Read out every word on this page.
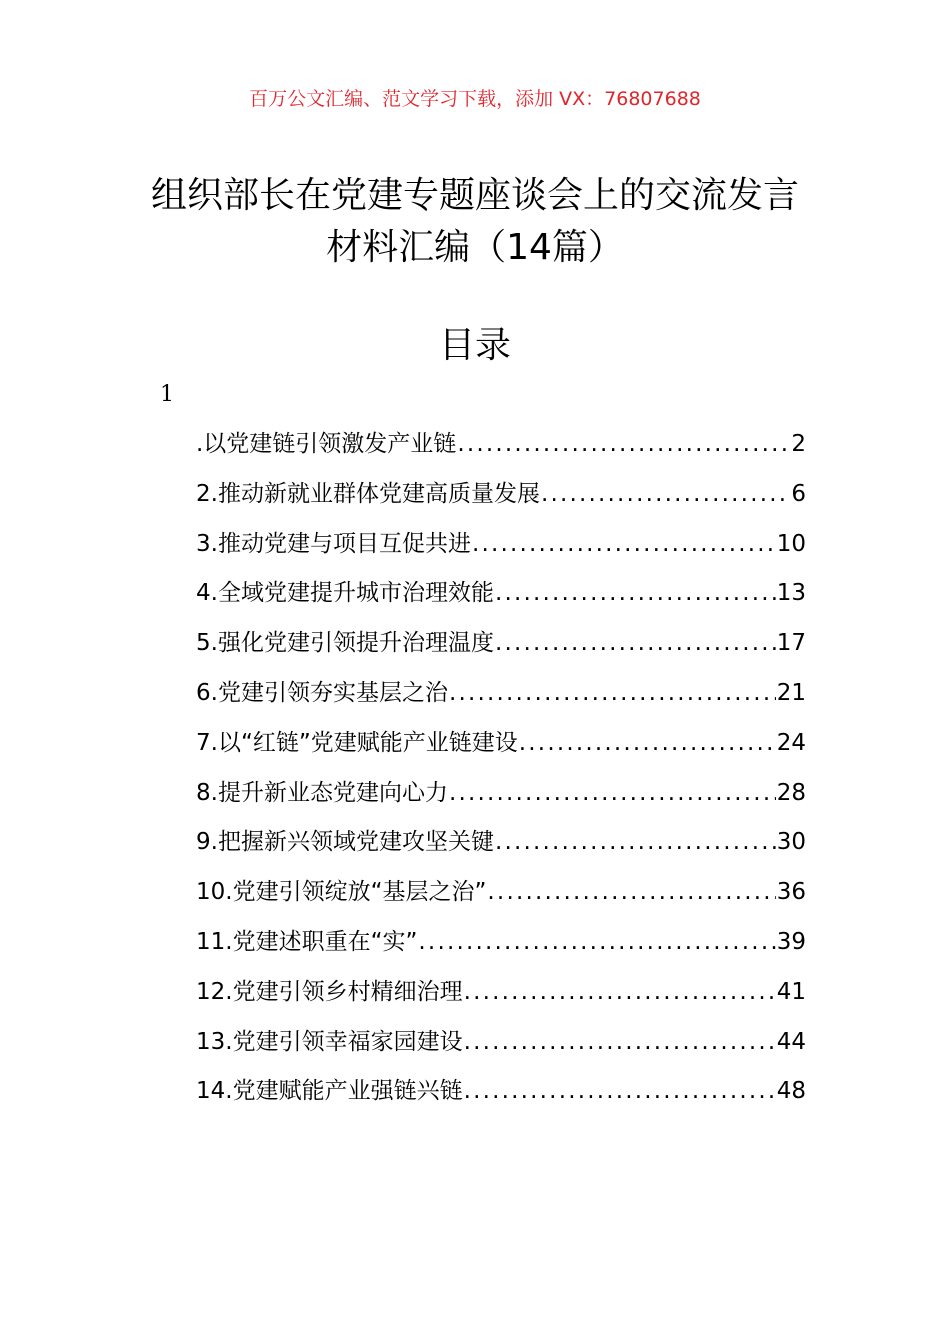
百万公文汇编、范文学习下载，添加 VX：76807688
组织部长在党建专题座谈会上的交流发言
材料汇编（14篇）
目录
1
.以党建链引领激发产业链 .....	2
2.推动新就业群体党建高质量发展 .....	6
3.推动党建与项目互促共进 .....	10
4.全域党建提升城市治理效能 .....	13
5.强化党建引领提升治理温度 .....	17
6.党建引领夯实基层之治 .....	21
7.以“红链”党建赋能产业链建设 .....	24
8.提升新业态党建向心力 .....	28
9.把握新兴领域党建攻坚关键 .....	30
10.党建引领绽放“基层之治” .....	36
11.党建述职重在“实” .....	39
12.党建引领乡村精细治理 .....	41
13.党建引领幸福家园建设 .....	44
14.党建赋能产业强链兴链 .....	48
